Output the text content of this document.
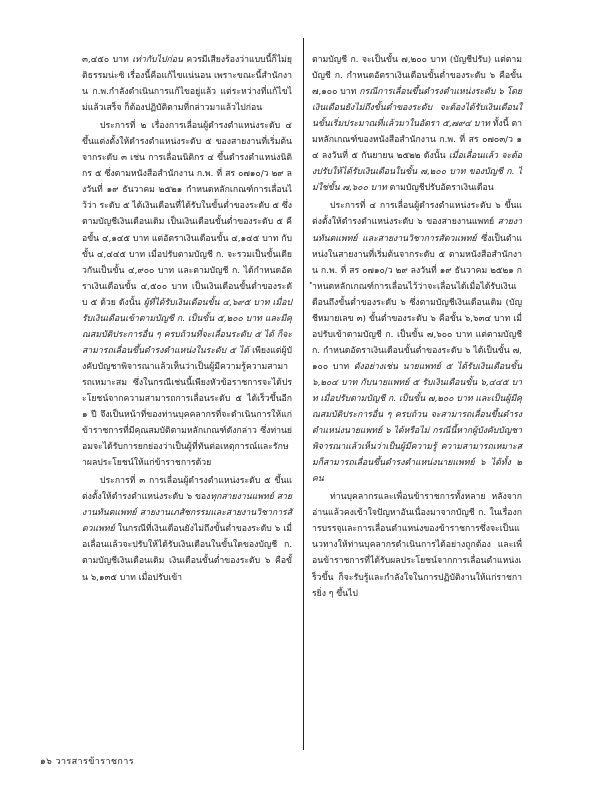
๓,๔๕๐ บาท เท่ากับไปก่อน ควรมีเสียงร้องว่าแบบนี้ก็ไม่ยุติธรรมน่ะซิ เรื่องนี้คือแก้ไขแน่นอน เพราะขณะนี้สำนักงาน ก.พ.กำลังดำเนินการแก้ไขอยู่แล้ว แต่ระหว่างที่แก้ไขไม่แล้วเสร็จ ก็ต้องปฏิบัติตามที่กล่าวมาแล้วไปก่อน

ประการที่ ๒ เรื่องการเลื่อนผู้ดำรงตำแหน่งระดับ ๔ ขึ้นแต่งตั้งให้ดำรงตำแหน่งระดับ ๕ ของสายงานที่เริ่มต้นจากระดับ ๓ เช่น การเลื่อนนิติกร ๔ ขึ้นดำรงตำแหน่งนิติกร ๕ ซึ่งตามหนังสือสำนักงาน ก.พ. ที่ สร ๐๗๑๐/ว ๒๙ ลงวันที่ ๑๙ ธันวาคม ๒๕๒๑ กำหนดหลักเกณฑ์การเลื่อนไว้ว่า ระดับ ๕ ได้เงินเดือนที่ได้รับในขั้นต่ำของระดับ ๕ ซึ่งตามบัญชีเงินเดือนเดิม เป็นเงินเดือนขั้นต่ำของระดับ ๕ คือขั้น ๔,๑๔๕ บาท แต่อัตราเงินเดือนขั้น ๔,๑๔๕ บาท กับขั้น ๔,๔๔๕ บาท เมื่อปรับตามบัญชี ก. จะรวมเป็นขั้นเดียวกันเป็นขั้น ๔,๙๐๐ บาท และตามบัญชี ก. ได้กำหนดอัตราเงินเดือนขั้น ๔,๕๐๐ บาท เป็นเงินเดือนขั้นต่ำของระดับ ๕ ด้วย ดังนั้น ผู้ที่ได้รับเงินเดือนขั้น ๔,๖๙๕ บาท เมื่อปรับเงินเดือนเข้าตามบัญชี ก. เป็นขั้น ๕,๒๐๐ บาท และมีคุณสมบัติประการอื่น ๆ ครบถ้วนที่จะเลื่อนระดับ ๕ ได้ ก็จะสามารถเลื่อนขึ้นดำรงตำแหน่งในระดับ ๕ ได้ เพียงแต่ผู้บังคับบัญชาพิจารณาแล้วเห็นว่าเป็นผู้มีความรู้ความสามารถเหมาะสม ซึ่งในกรณีเช่นนี้เพียงหัวข้อราชการจะได้ประโยชน์จากความสามารถการเลื่อนระดับ ๕ ได้เร็วขึ้นอีก ๑ ปี จึงเป็นหน้าที่ของท่านบุคคลากรที่จะดำเนินการให้แก่ข้าราชการที่มีคุณสมบัติตามหลักเกณฑ์ดังกล่าว ซึ่งท่านย่อมจะได้รับการยกย่องว่าเป็นผู้ที่ทันต่อเหตุการณ์และรักษาผลประโยชน์ให้แก่ข้าราชการด้วย

ประการที่ ๓ การเลื่อนผู้ดำรงตำแหน่งระดับ ๕ ขึ้นแต่งตั้งให้ดำรงตำแหน่งระดับ ๖ ของทุกสายงานแพทย์ สายงานทันตแพทย์ สายงานเภสัชกรรมและสายงานวิชาการสัตวแพทย์ ในกรณีที่เงินเดือนยังไม่ถึงขั้นต่ำของระดับ ๖ เมื่อเลื่อนแล้วจะปรับให้ได้รับเงินเดือนในขั้นใดของบัญชี ก. ตามบัญชีเงินเดือนเดิม เงินเดือนขั้นต่ำของระดับ ๖ คือขั้น ๖,๑๓๕ บาท เมื่อปรับเข้า

ตามบัญชี ก. จะเป็นขั้น ๗,๒๐๐ บาท (บัญชีปรับ) แต่ตามบัญชี ก. กำหนดอัตราเงินเดือนขั้นต่ำของระดับ ๖ คือขั้น ๗,๑๐๐ บาท กรณีการเลื่อนขึ้นดำรงตำแหน่งระดับ ๖ โดยเงินเดือนยังไม่ถึงขั้นต่ำของระดับ จะต้องได้รับเงินเดือนในขั้นเริ่มประมาณที่แล้วมาในอัตรา ๕,๗๙๔ บาท ทั้งนี้ ตามหลักเกณฑ์ของหนังสือสำนักงาน ก.พ. ที่ สร ๐๗๐๓/ว ๑๔ ลงวันที่ ๕ กันยายน ๒๕๒๒ ดังนั้น เมื่อเลื่อนแล้ว จะต้องปรับให้ได้รับเงินเดือนในขั้น ๗,๒๐๐ บาท ของบัญชี ก. ไม่ใช่ขั้น ๗,๖๐๐ บาท ตามบัญชีปรับอัตราเงินเดือน

ประการที่ ๔ การเลื่อนผู้ดำรงตำแหน่งระดับ ๖ ขึ้นแต่งตั้งให้ดำรงตำแหน่งระดับ ๖ ของสายงานแพทย์ สายงานทันตแพทย์ และสายงานวิชาการสัตวแพทย์ ซึ่งเป็นตำแหน่งในสายงานที่เริ่มต้นจากระดับ ๕ ตามหนังสือสำนักงาน ก.พ. ที่ สร ๐๗๑๐/ว ๒๙ ลงวันที่ ๑๙ ธันวาคม ๒๕๒๑ กำหนดหลักเกณฑ์การเลื่อนไว้ว่าจะเลื่อนได้เมื่อได้รับเงินเดือนถึงขั้นต่ำของระดับ ๖ ซึ่งตามบัญชีเงินเดือนเดิม (บัญชีหมายเลข ๓) ขั้นต่ำของระดับ ๖ คือขั้น ๖,๖๓๔ บาท เมื่อปรับเข้าตามบัญชี ก. เป็นขั้น ๗,๖๐๐ บาท แต่ตามบัญชี ก. กำหนดอัตราเงินเดือนขั้นต่ำของระดับ ๖ ได้เป็นขั้น ๗,๑๐๐ บาท ดังอย่างเช่น นายแพทย์ ๕ ได้รับเงินเดือนขั้น ๖,๒๐๔ บาท กับนายแพทย์ ๕ รับเงินเดือนขั้น ๖,๔๔๕ บาท เมื่อปรับตามบัญชี ก. เป็นขั้น ๗,๒๐๐ บาท และเป็นผู้มีคุณสมบัติประการอื่น ๆ ครบถ้วน จะสามารถเลื่อนขึ้นดำรงตำแหน่งนายแพทย์ ๖ ได้หรือไม่ กรณีนี้หากผู้บังคับบัญชาพิจารณาแล้วเห็นว่าเป็นผู้มีความรู้ ความสามารถเหมาะสมก็สามารถเลื่อนขึ้นดำรงตำแหน่งนายแพทย์ ๖ ได้ทั้ง ๒ คน

ท่านบุคลากรและเพื่อนข้าราชการทั้งหลาย หลังจากอ่านแล้วคงเข้าใจปัญหาอันเนื่องมาจากบัญชี ก. ในเรื่องการบรรจุและการเลื่อนตำแหน่งของข้าราชการซึ่งจะเป็นแนวทางให้ท่านบุคลากรดำเนินการได้อย่างถูกต้อง และเพื่อนข้าราชการที่ได้รับผลประโยชน์จากการเลื่อนตำแหน่งเร็วขึ้น ก็จะรับรู้และกำลังใจในการปฏิบัติงานให้แก่ราชการยิ่ง ๆ ขึ้นไป

๑๖ วารสารข้าราชการ
